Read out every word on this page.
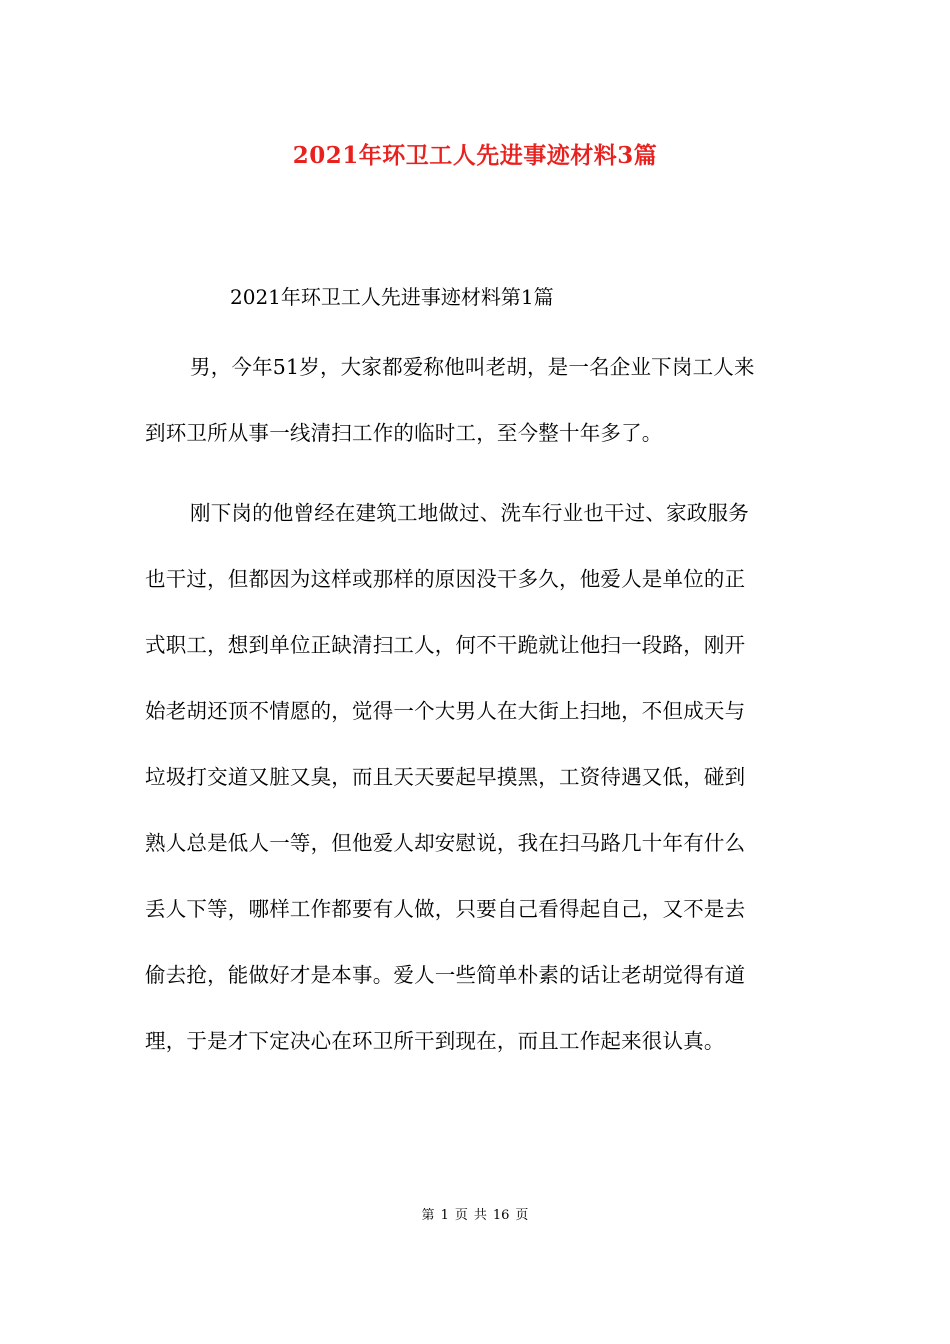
2021年环卫工人先进事迹材料3篇
2021年环卫工人先进事迹材料第1篇
男，今年51岁，大家都爱称他叫老胡，是一名企业下岗工人来
到环卫所从事一线清扫工作的临时工，至今整十年多了。
刚下岗的他曾经在建筑工地做过、洗车行业也干过、家政服务
也干过，但都因为这样或那样的原因没干多久，他爱人是单位的正
式职工，想到单位正缺清扫工人，何不干跪就让他扫一段路，刚开
始老胡还顶不情愿的，觉得一个大男人在大街上扫地，不但成天与
垃圾打交道又脏又臭，而且天天要起早摸黑，工资待遇又低，碰到
熟人总是低人一等，但他爱人却安慰说，我在扫马路几十年有什么
丢人下等，哪样工作都要有人做，只要自己看得起自己，又不是去
偷去抢，能做好才是本事。爱人一些简单朴素的话让老胡觉得有道
理，于是才下定决心在环卫所干到现在，而且工作起来很认真。
第 1 页 共 16 页
